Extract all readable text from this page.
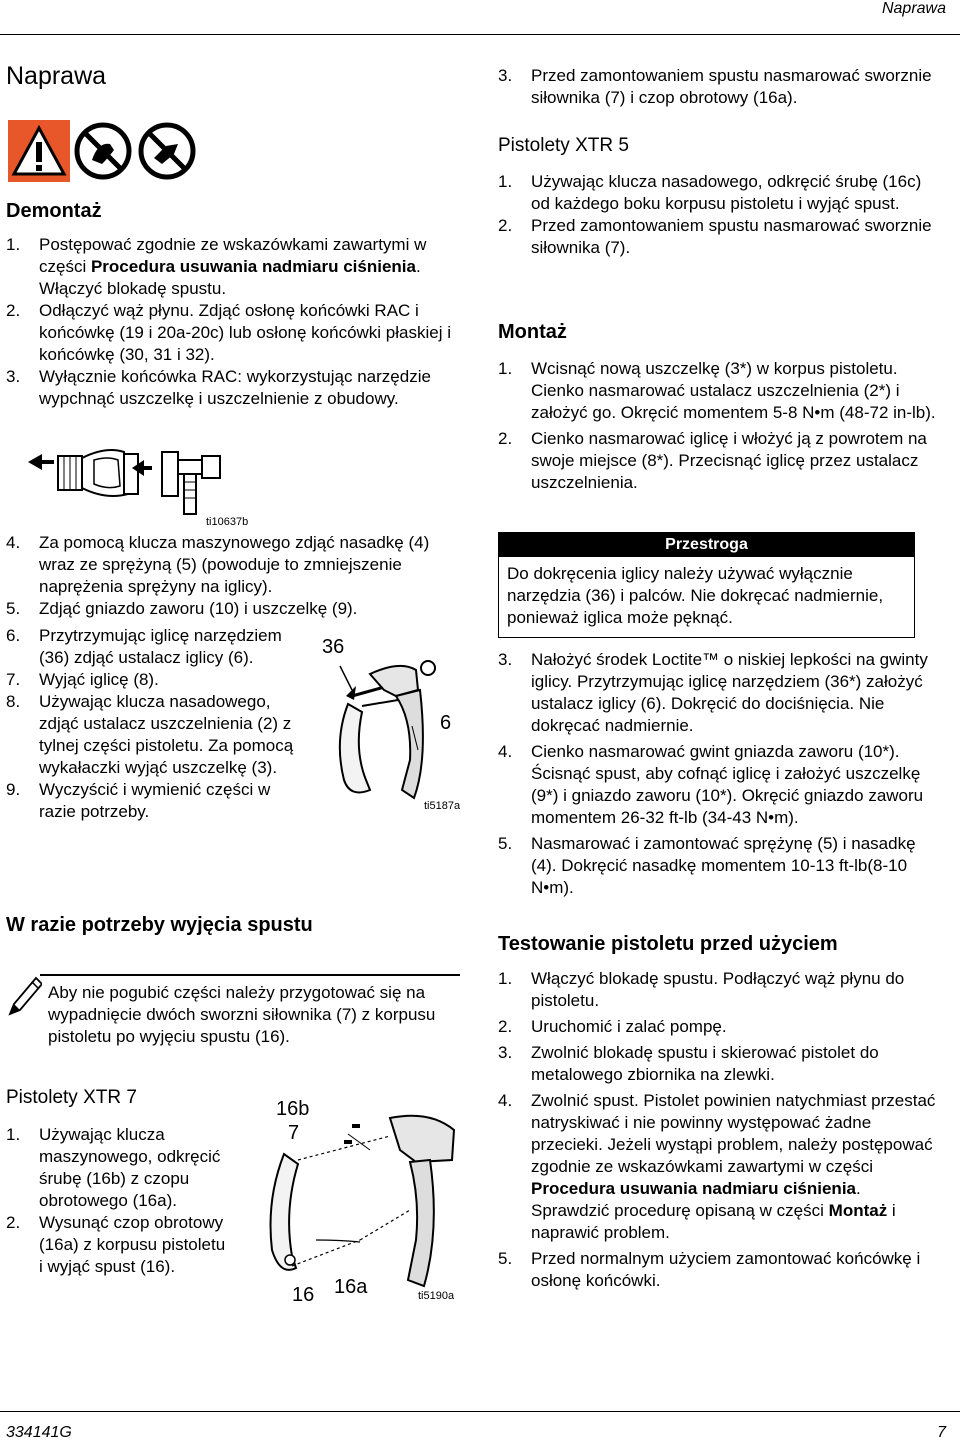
Naprawa
Naprawa
Demontaż
1. Postępować zgodnie ze wskazówkami zawartymi w części Procedura usuwania nadmiaru ciśnienia. Włączyć blokadę spustu.
2. Odłączyć wąż płynu. Zdjąć osłonę końcówki RAC i końcówkę (19 i 20a-20c) lub osłonę końcówki płaskiej i końcówkę (30, 31 i 32).
3. Wyłącznie końcówka RAC: wykorzystując narzędzie wypchnąć uszczelkę i uszczelnienie z obudowy.
ti10637b
4. Za pomocą klucza maszynowego zdjąć nasadkę (4) wraz ze sprężyną (5) (powoduje to zmniejszenie naprężenia sprężyny na iglicy).
5. Zdjąć gniazdo zaworu (10) i uszczelkę (9).
6. Przytrzymując iglicę narzędziem (36) zdjąć ustalacz iglicy (6).
7. Wyjąć iglicę (8).
8. Używając klucza nasadowego, zdjąć ustalacz uszczelnienia (2) z tylnej części pistoletu. Za pomocą wykałaczki wyjąć uszczelkę (3).
9. Wyczyścić i wymienić części w razie potrzeby.
36
6
ti5187a
W razie potrzeby wyjęcia spustu
Aby nie pogubić części należy przygotować się na wypadnięcie dwóch sworzni siłownika (7) z korpusu pistoletu po wyjęciu spustu (16).
Pistolety XTR 7
1. Używając klucza maszynowego, odkręcić śrubę (16b) z czopu obrotowego (16a).
2. Wysunąć czop obrotowy (16a) z korpusu pistoletu i wyjąć spust (16).
16b
7
16 16a	ti5190a
3. Przed zamontowaniem spustu nasmarować sworznie siłownika (7) i czop obrotowy (16a).
Pistolety XTR 5
1. Używając klucza nasadowego, odkręcić śrubę (16c) od każdego boku korpusu pistoletu i wyjąć spust.
2. Przed zamontowaniem spustu nasmarować sworznie siłownika (7).
Montaż
1. Wcisnąć nową uszczelkę (3*) w korpus pistoletu. Cienko nasmarować ustalacz uszczelnienia (2*) i założyć go. Okręcić momentem 5-8 N•m (48-72 in-lb).
2. Cienko nasmarować iglicę i włożyć ją z powrotem na swoje miejsce (8*). Przecisnąć iglicę przez ustalacz uszczelnienia.
Przestroga
Do dokręcenia iglicy należy używać wyłącznie narzędzia (36) i palców. Nie dokręcać nadmiernie, ponieważ iglica może pęknąć.
3. Nałożyć środek Loctite™ o niskiej lepkości na gwinty iglicy. Przytrzymując iglicę narzędziem (36*) założyć ustalacz iglicy (6). Dokręcić do dociśnięcia. Nie dokręcać nadmiernie.
4. Cienko nasmarować gwint gniazda zaworu (10*). Ścisnąć spust, aby cofnąć iglicę i założyć uszczelkę (9*) i gniazdo zaworu (10*). Okręcić gniazdo zaworu momentem 26-32 ft-lb (34-43 N•m).
5. Nasmarować i zamontować sprężynę (5) i nasadkę (4). Dokręcić nasadkę momentem 10-13 ft-lb(8-10 N•m).
Testowanie pistoletu przed użyciem
1. Włączyć blokadę spustu. Podłączyć wąż płynu do pistoletu.
2. Uruchomić i zalać pompę.
3. Zwolnić blokadę spustu i skierować pistolet do metalowego zbiornika na zlewki.
4. Zwolnić spust. Pistolet powinien natychmiast przestać natryskiwać i nie powinny występować żadne przecieki. Jeżeli wystąpi problem, należy postępować zgodnie ze wskazówkami zawartymi w części Procedura usuwania nadmiaru ciśnienia. Sprawdzić procedurę opisaną w części Montaż i naprawić problem.
5. Przed normalnym użyciem zamontować końcówkę i osłonę końcówki.
334141G	7
